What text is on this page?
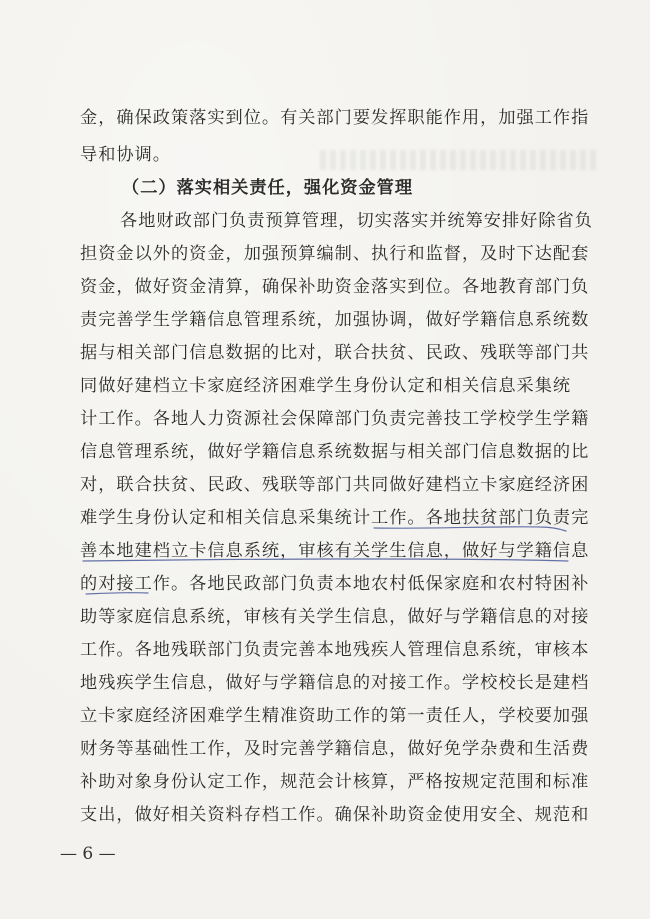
金，确保政策落实到位。有关部门要发挥职能作用，加强工作指
导和协调。
（二）落实相关责任，强化资金管理
各地财政部门负责预算管理，切实落实并统筹安排好除省负
担资金以外的资金，加强预算编制、执行和监督，及时下达配套
资金，做好资金清算，确保补助资金落实到位。各地教育部门负
责完善学生学籍信息管理系统，加强协调，做好学籍信息系统数
据与相关部门信息数据的比对，联合扶贫、民政、残联等部门共
同做好建档立卡家庭经济困难学生身份认定和相关信息采集统
计工作。各地人力资源社会保障部门负责完善技工学校学生学籍
信息管理系统，做好学籍信息系统数据与相关部门信息数据的比
对，联合扶贫、民政、残联等部门共同做好建档立卡家庭经济困
难学生身份认定和相关信息采集统计工作。各地扶贫部门负责完
善本地建档立卡信息系统，审核有关学生信息，做好与学籍信息
的对接工作。各地民政部门负责本地农村低保家庭和农村特困补
助等家庭信息系统，审核有关学生信息，做好与学籍信息的对接
工作。各地残联部门负责完善本地残疾人管理信息系统，审核本
地残疾学生信息，做好与学籍信息的对接工作。学校校长是建档
立卡家庭经济困难学生精准资助工作的第一责任人，学校要加强
财务等基础性工作，及时完善学籍信息，做好免学杂费和生活费
补助对象身份认定工作，规范会计核算，严格按规定范围和标准
支出，做好相关资料存档工作。确保补助资金使用安全、规范和
— 6 —
